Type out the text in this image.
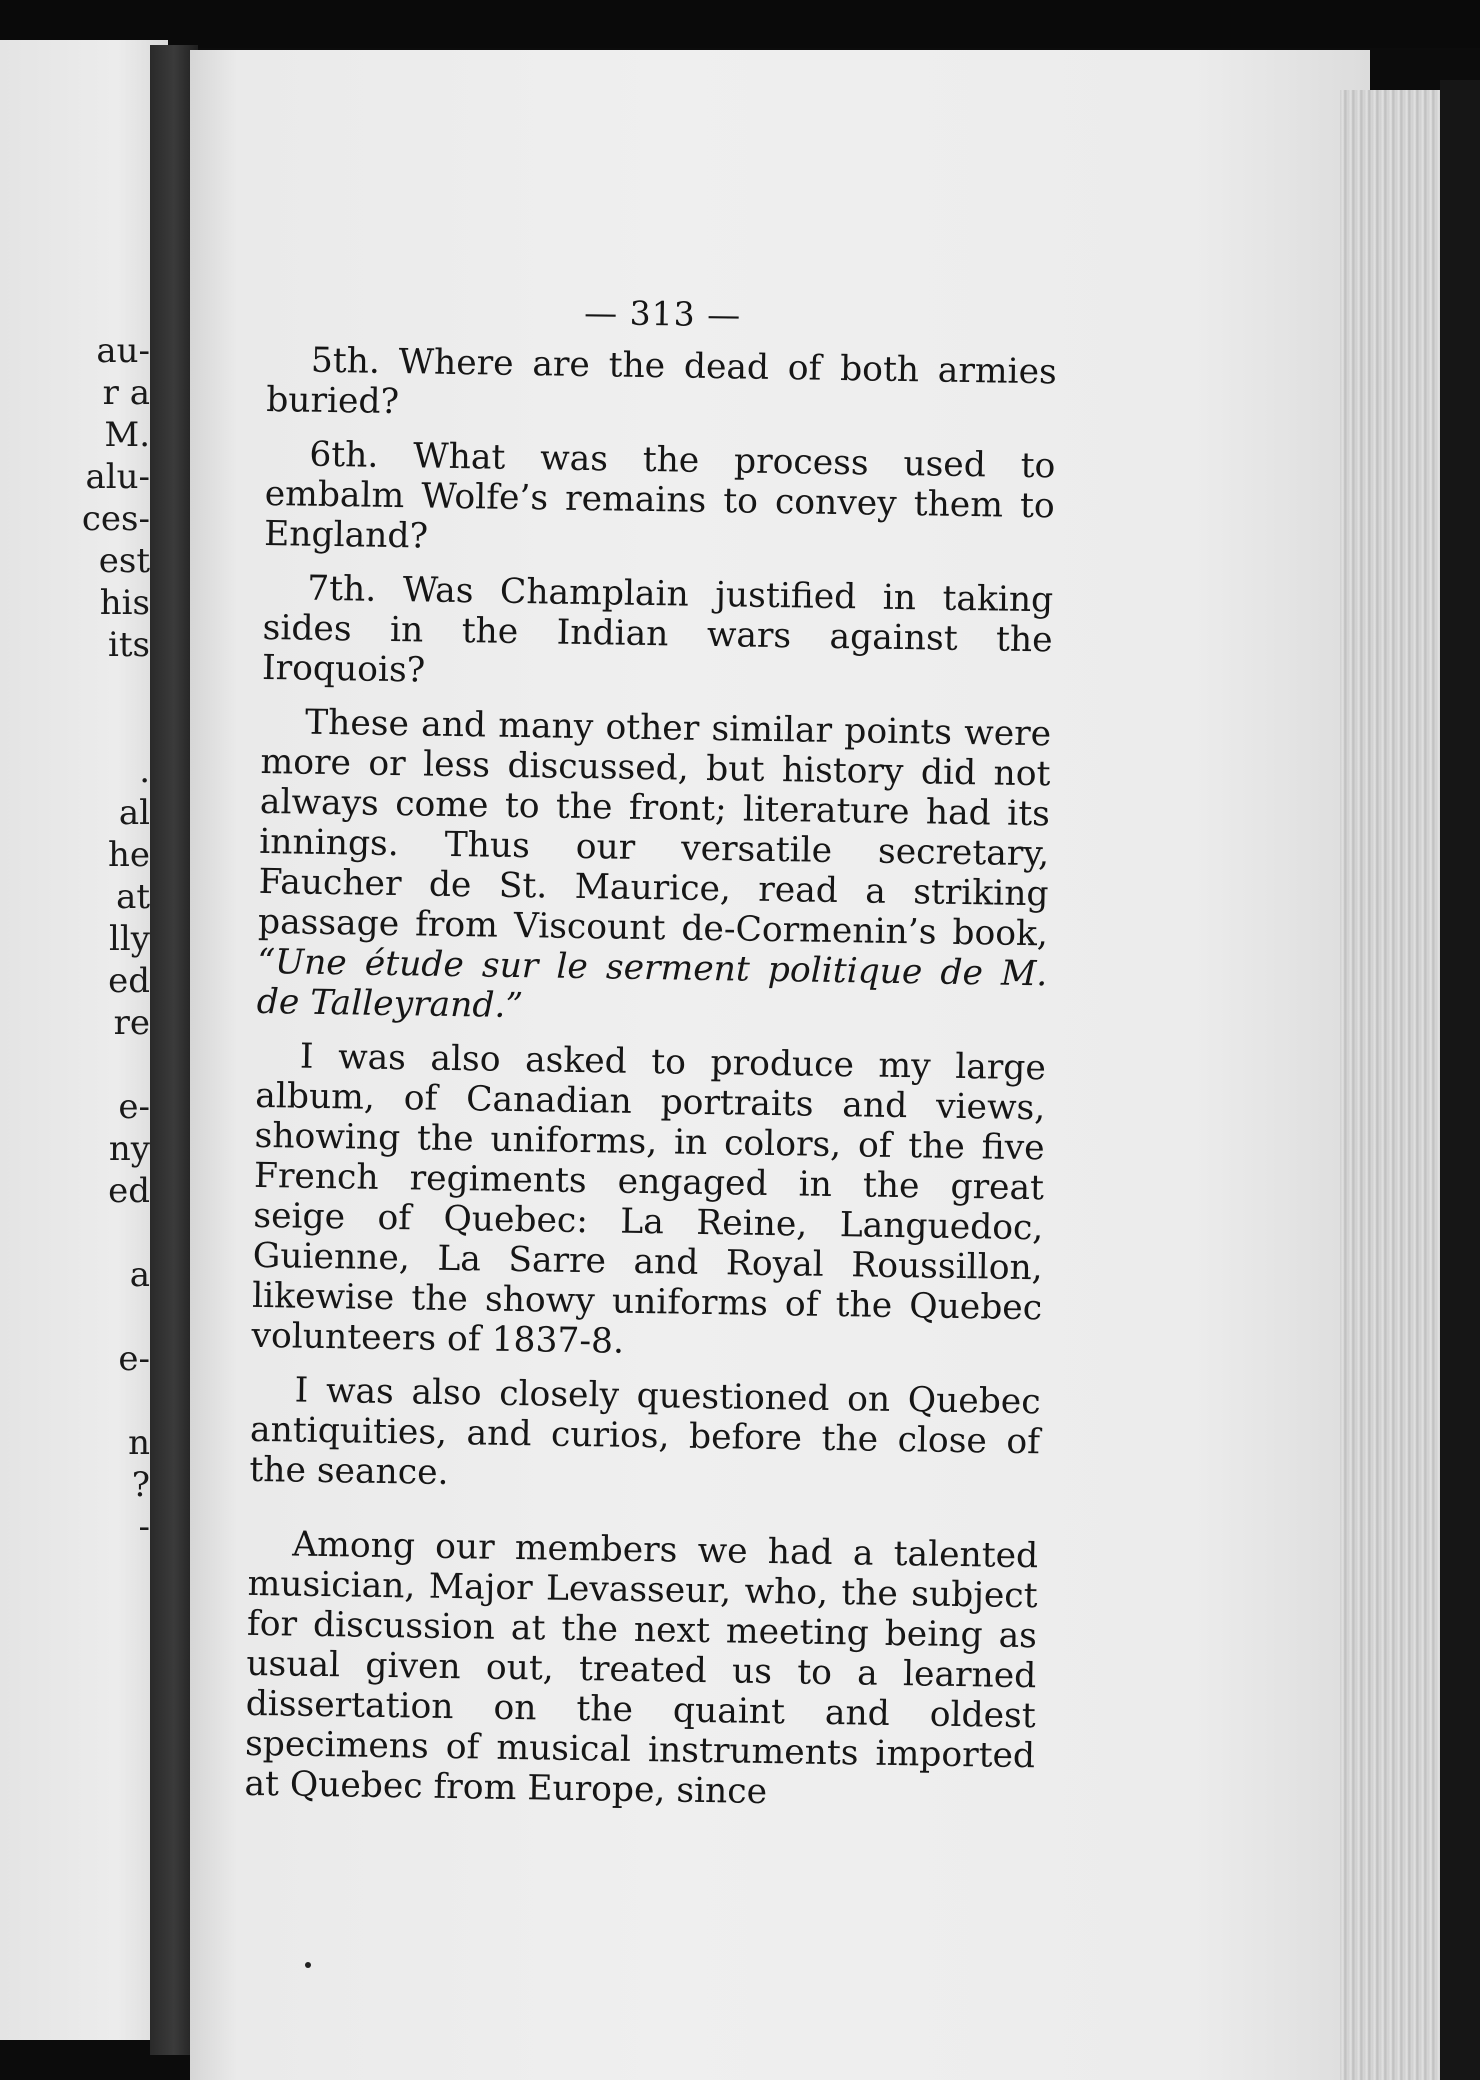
au-
r a
M.
alu-
ces-
est
his
its
.
al
he
at
lly
ed
re
e-
ny
ed
a
e-
n
?
-
— 313 —

5th. Where are the dead of both armies buried?

6th. What was the process used to embalm Wolfe’s remains to convey them to England?

7th. Was Champlain justified in taking sides in the Indian wars against the Iroquois?

These and many other similar points were more or less discussed, but history did not always come to the front; literature had its innings. Thus our versatile secretary, Faucher de St. Maurice, read a striking passage from Viscount de-Cormenin’s book, “Une étude sur le serment politique de M. de Talleyrand.”

I was also asked to produce my large album, of Canadian portraits and views, showing the uniforms, in colors, of the five French regiments engaged in the great seige of Quebec: La Reine, Languedoc, Guienne, La Sarre and Royal Roussillon, likewise the showy uniforms of the Quebec volunteers of 1837-8.

I was also closely questioned on Quebec antiquities, and curios, before the close of the seance.

Among our members we had a talented musician, Major Levasseur, who, the subject for discussion at the next meeting being as usual given out, treated us to a learned dissertation on the quaint and oldest specimens of musical instruments imported at Quebec from Europe, since
